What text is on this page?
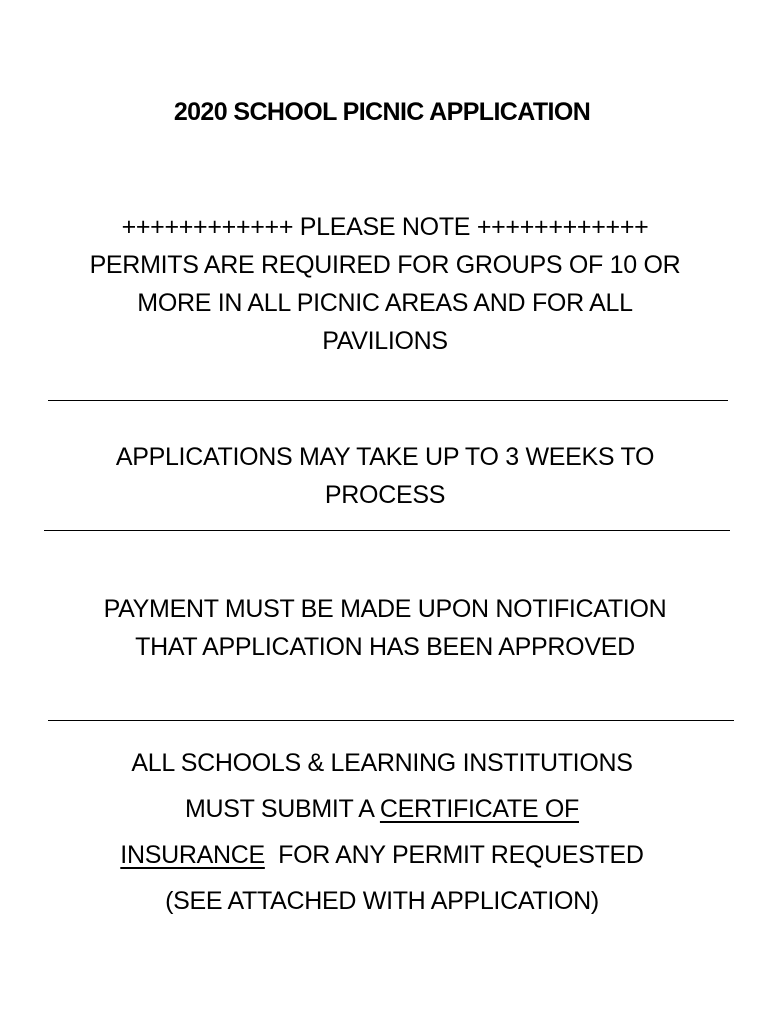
2020 SCHOOL PICNIC APPLICATION
++++++++++++ PLEASE NOTE ++++++++++++
PERMITS ARE REQUIRED FOR GROUPS OF 10 OR
MORE IN ALL PICNIC AREAS AND FOR ALL
PAVILIONS
APPLICATIONS MAY TAKE UP TO 3 WEEKS TO
PROCESS
PAYMENT MUST BE MADE UPON NOTIFICATION
THAT APPLICATION HAS BEEN APPROVED
ALL SCHOOLS & LEARNING INSTITUTIONS
MUST SUBMIT A CERTIFICATE OF
INSURANCE  FOR ANY PERMIT REQUESTED
(SEE ATTACHED WITH APPLICATION)
